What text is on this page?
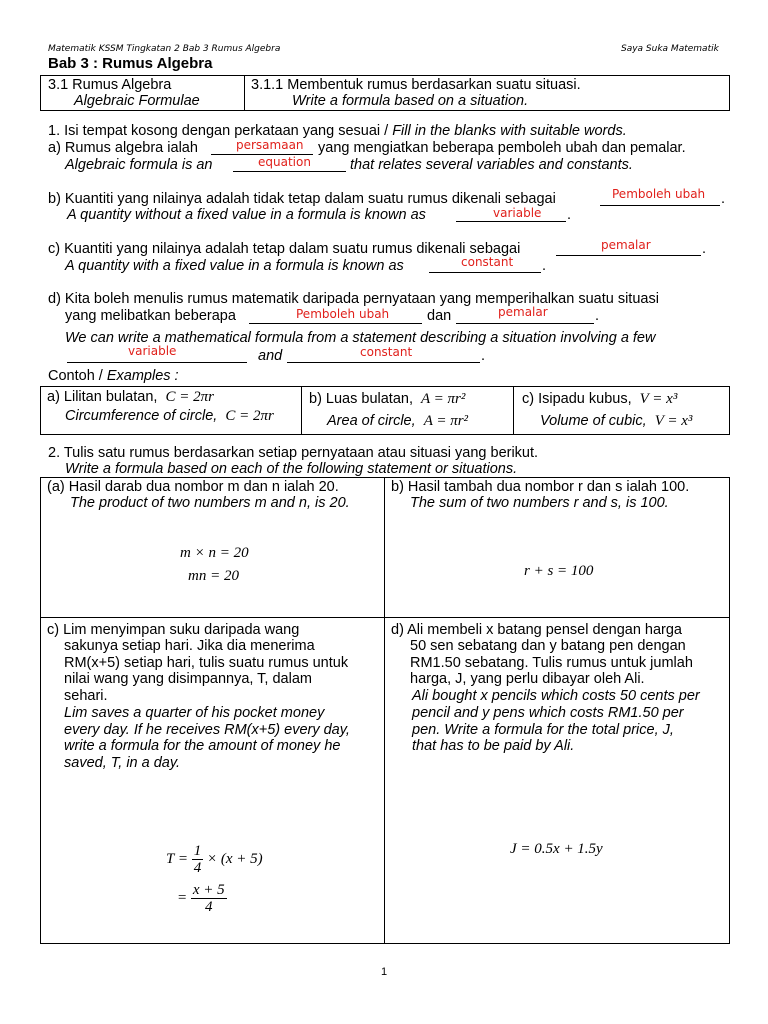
Matematik KSSM Tingkatan 2 Bab 3 Rumus Algebra	Saya Suka Matematik
Bab 3 : Rumus Algebra
3.1 Rumus Algebra
Algebraic Formulae
3.1.1 Membentuk rumus berdasarkan suatu situasi.
Write a formula based on a situation.
1. Isi tempat kosong dengan perkataan yang sesuai / Fill in the blanks with suitable words.
a) Rumus algebra ialah	persamaan yang mengiatkan beberapa pemboleh ubah dan pemalar.
Algebraic formula is an	equation	that relates several variables and constants.
b) Kuantiti yang nilainya adalah tidak tetap dalam suatu rumus dikenali sebagai	Pemboleh ubah .
A quantity without a fixed value in a formula is known as	variable .
c) Kuantiti yang nilainya adalah tetap dalam suatu rumus dikenali sebagai	pemalar	.
A quantity with a fixed value in a formula is known as	constant .
d) Kita boleh menulis rumus matematik daripada pernyataan yang memperihalkan suatu situasi
yang melibatkan beberapa	Pemboleh ubah	dan	pemalar	.
We can write a mathematical formula from a statement describing a situation involving a few
variable	and	constant	.
Contoh / Examples :
a) Lilitan bulatan, C = 2πr
Circumference of circle, C = 2πr
b) Luas bulatan, A = πr²
Area of circle, A = πr²
c) Isipadu kubus, V = x³
Volume of cubic, V = x³
2. Tulis satu rumus berdasarkan setiap pernyataan atau situasi yang berikut.
Write a formula based on each of the following statement or situations.
(a) Hasil darab dua nombor m dan n ialah 20.
The product of two numbers m and n, is 20.
m × n = 20
mn = 20
b) Hasil tambah dua nombor r dan s ialah 100.
The sum of two numbers r and s, is 100.
r + s = 100
c) Lim menyimpan suku daripada wang
sakunya setiap hari. Jika dia menerima
RM(x+5) setiap hari, tulis suatu rumus untuk
nilai wang yang disimpannya, T, dalam
sehari.
Lim saves a quarter of his pocket money
every day. If he receives RM(x+5) every day,
write a formula for the amount of money he
saved, T, in a day.
$T = \frac{1}{4} \times (x + 5)$
= $\frac{x + 5}{4}$
d) Ali membeli x batang pensel dengan harga
50 sen sebatang dan y batang pen dengan
RM1.50 sebatang. Tulis rumus untuk jumlah
harga, J, yang perlu dibayar oleh Ali.
Ali bought x pencils which costs 50 cents per
pencil and y pens which costs RM1.50 per
pen. Write a formula for the total price, J,
that has to be paid by Ali.
J = 0.5x + 1.5y
1
